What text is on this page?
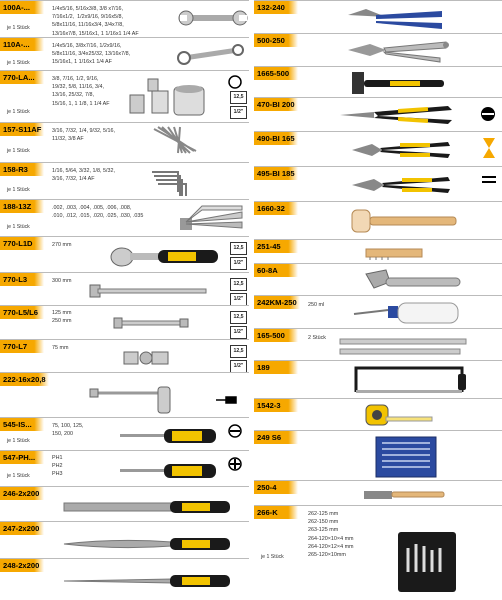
100A-...	1/4x5/16, 5/16x3/8, 3/8 x7/16,
7/16x1/2,  1/2x9/16, 9/16x5/8,
5/8x11/16, 11/16x3/4, 3/4x7/8,
13/16x7/8, 15/16x1, 1 1/16x1 1/4 AF
je 1 Stück
110A-...	1/4x5/16, 3/8x7/16, 1/2x9/16,
5/8x11/16, 3/4x25/32, 13/16x7/8,
15/16x1, 1 1/16x1 1/4 AF
je 1 Stück
770-LA...	3/8, 7/16, 1/2, 9/16,
19/32, 5/8, 11/16, 3/4,
13/16, 25/32, 7/8,
15/16, 1, 1 1/8, 1 1/4 AF
je 1 Stück
12,5
1/2"
157-S11AF	3/16, 7/32, 1/4, 9/32, 5/16,
11/32, 3/8 AF
je 1 Stück
158-R3	1/16, 5/64, 3/32, 1/8, 5/32,
3/16, 7/32, 1/4 AF
je 1 Stück
188-13Z	.002, .003, .004, .005, .006, .008,
.010, .012, .015, .020, .025, .030, .035
je 1 Stück
770-L1D	270 mm	12,5
1/2"
770-L3	300 mm	12,5
1/2"
770-L5/L6	125 mm
250 mm
12,5
1/2"
770-L7	75 mm	12,5
1/2"
222-16x20,8
545-IS...	75, 100, 125,
150, 200
je 1 Stück
547-PH...	PH1
PH2
PH3
je 1 Stück
246-2x200
247-2x200
248-2x200
132-240
500-250
1665-500
470-BI 200
490-BI 165
495-BI 185
1660-32
251-45
60-8A
242KM-250	250 ml
165-500	2 Stück
189
1542-3
249 S6
250-4
266-K	262-125 mm
262-150 mm
263-125 mm
264-120×10×4 mm
264-120×12×4 mm
265-120×10mm
je 1 Stück
